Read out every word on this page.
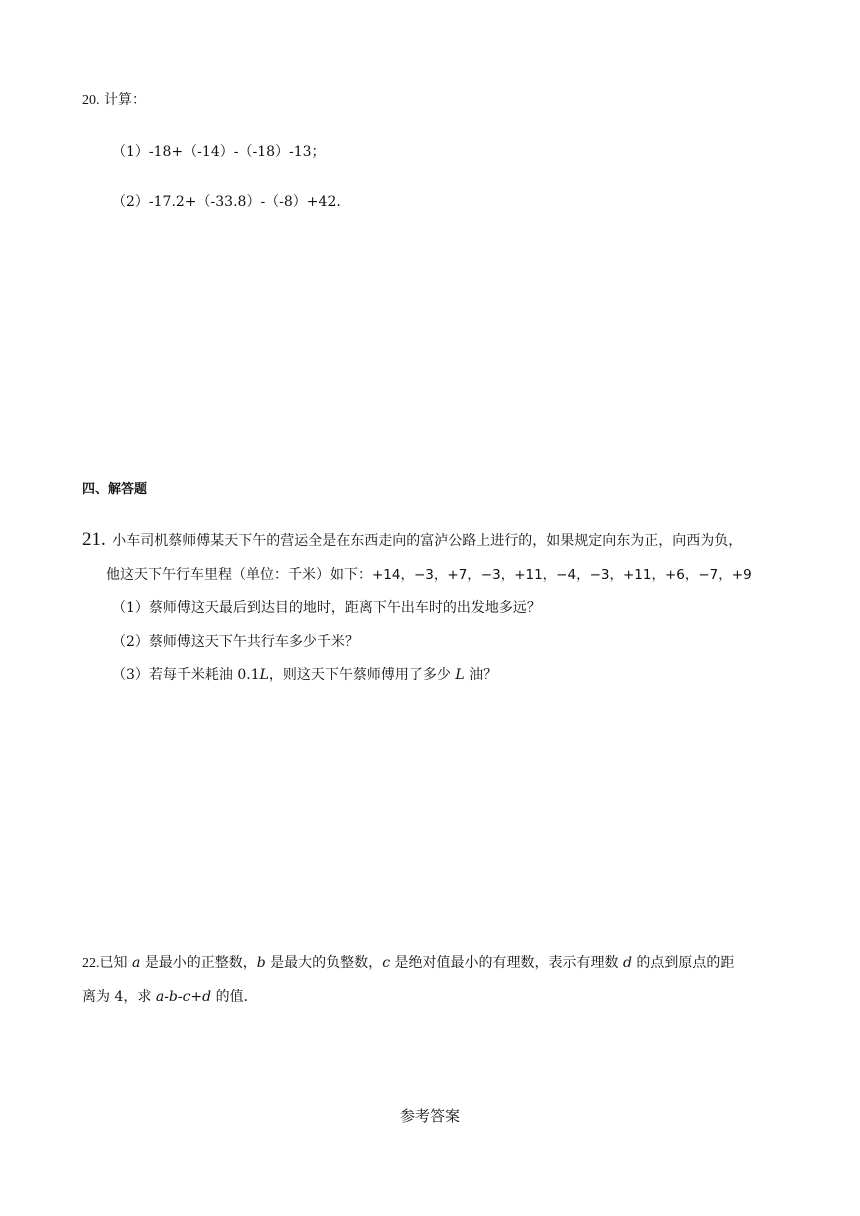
20. 计算：
（1）-18+（-14）-（-18）-13；
（2）-17.2+（-33.8）-（-8）+42．
四、解答题
21. 小车司机蔡师傅某天下午的营运全是在东西走向的富泸公路上进行的，如果规定向东为正，向西为负，
他这天下午行车里程（单位：千米）如下：+14，−3，+7，−3，+11，−4，−3，+11，+6，−7，+9
（1）蔡师傅这天最后到达目的地时，距离下午出车时的出发地多远？
（2）蔡师傅这天下午共行车多少千米？
（3）若每千米耗油 0.1L，则这天下午蔡师傅用了多少 L 油？
22.已知 a 是最小的正整数，b 是最大的负整数，c 是绝对值最小的有理数，表示有理数 d 的点到原点的距
离为 4，求 a-b-c+d 的值．
参考答案
